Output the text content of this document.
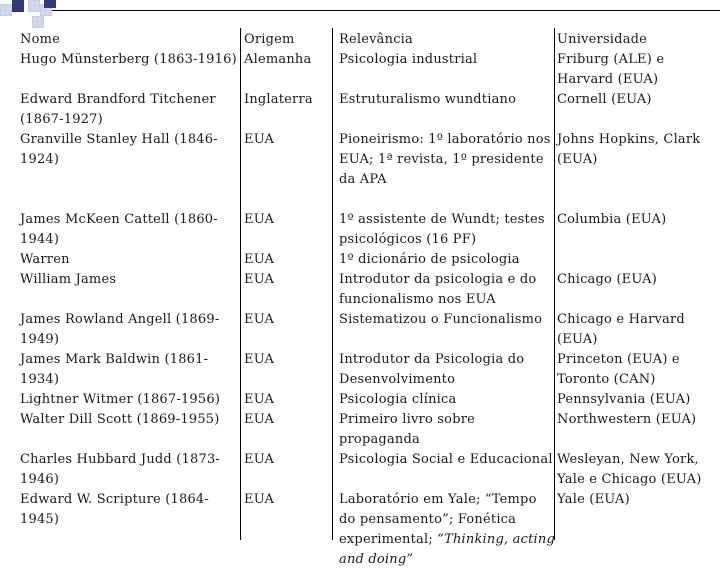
Nome	Origem	Relevância	Universidade
Hugo Münsterberg (1863-1916)	Alemanha	Psicologia industrial	Friburg (ALE) e Harvard (EUA)
Edward Brandford Titchener (1867-1927)	Inglaterra	Estruturalismo wundtiano	Cornell (EUA)
Granville Stanley Hall (1846-1924)	EUA	Pioneirismo: 1º laboratório nos EUA; 1ª revista, 1º presidente da APA	Johns Hopkins, Clark (EUA)
James McKeen Cattell (1860-1944)	EUA	1º assistente de Wundt; testes psicológicos (16 PF)	Columbia (EUA)
Warren	EUA	1º dicionário de psicologia	
William James	EUA	Introdutor da psicologia e do funcionalismo nos EUA	Chicago (EUA)
James Rowland Angell (1869-1949)	EUA	Sistematizou o Funcionalismo	Chicago e Harvard (EUA)
James Mark Baldwin (1861-1934)	EUA	Introdutor da Psicologia do Desenvolvimento	Princeton (EUA) e Toronto (CAN)
Lightner Witmer (1867-1956)	EUA	Psicologia clínica	Pennsylvania (EUA)
Walter Dill Scott (1869-1955)	EUA	Primeiro livro sobre propaganda	Northwestern (EUA)
Charles Hubbard Judd (1873-1946)	EUA	Psicologia Social e Educacional	Wesleyan, New York, Yale e Chicago (EUA)
Edward W. Scripture (1864-1945)	EUA	Laboratório em Yale; “Tempo do pensamento”; Fonética experimental; “Thinking, acting and doing”	Yale (EUA)
